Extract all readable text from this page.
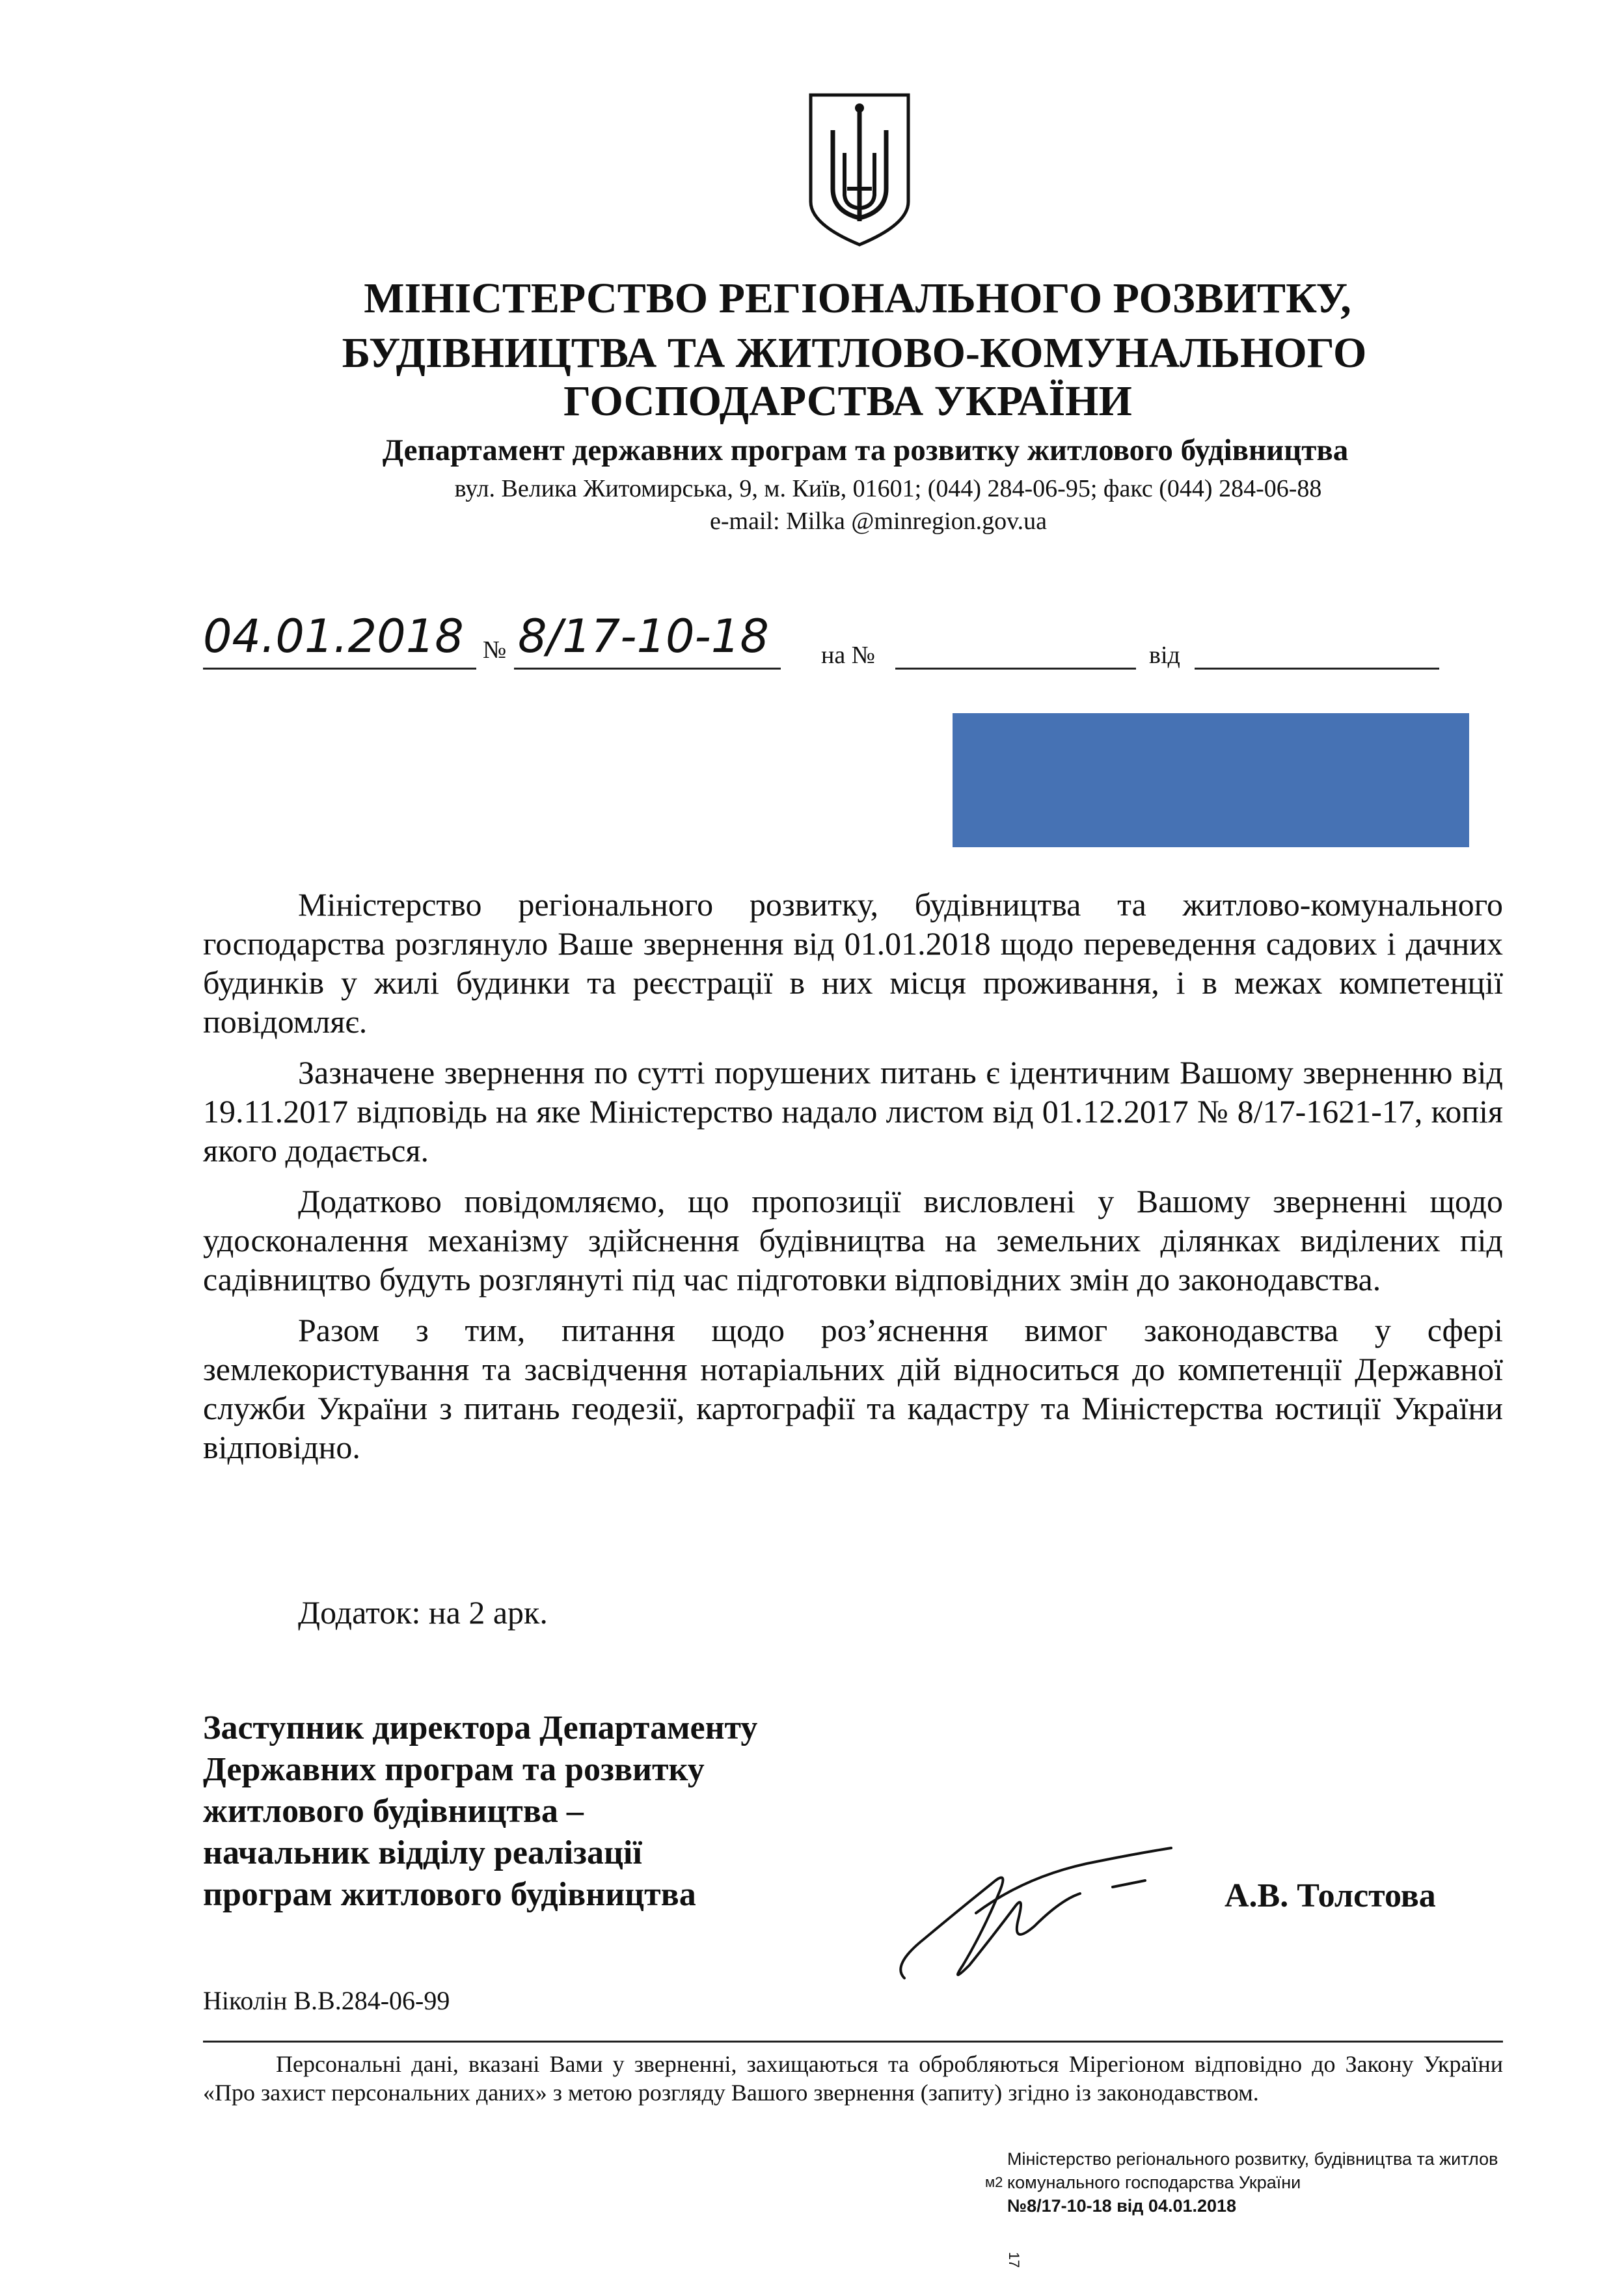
МІНІСТЕРСТВО РЕГІОНАЛЬНОГО РОЗВИТКУ,
БУДІВНИЦТВА ТА ЖИТЛОВО-КОМУНАЛЬНОГО
ГОСПОДАРСТВА УКРАЇНИ
Департамент державних програм та розвитку житлового будівництва
вул. Велика Житомирська, 9, м. Київ, 01601; (044) 284-06-95; факс (044) 284-06-88
e-mail: Milka @minregion.gov.ua
04.01.2018 № 8/17-10-18 на №	від

Міністерство регіонального розвитку, будівництва та житлово-комунального господарства розглянуло Ваше звернення від 01.01.2018 щодо переведення садових і дачних будинків у жилі будинки та реєстрації в них місця проживання, і в межах компетенції повідомляє.

Зазначене звернення по сутті порушених питань є ідентичним Вашому зверненню від 19.11.2017 відповідь на яке Міністерство надало листом від 01.12.2017 № 8/17-1621-17, копія якого додається.

Додатково повідомляємо, що пропозиції висловлені у Вашому зверненні щодо удосконалення механізму здійснення будівництва на земельних ділянках виділених під садівництво будуть розглянуті під час підготовки відповідних змін до законодавства.

Разом з тим, питання щодо роз’яснення вимог законодавства у сфері землекористування та засвідчення нотаріальних дій відноситься до компетенції Державної служби України з питань геодезії, картографії та кадастру та Міністерства юстиції України відповідно.

Додаток: на 2 арк.
Заступник директора Департаменту
Державних програм та розвитку
житлового будівництва –
начальник відділу реалізації
програм житлового будівництва	А.В. Толстова
Ніколін В.В.284-06-99
Персональні дані, вказані Вами у зверненні, захищаються та обробляються Мірегіоном відповідно до Закону України «Про захист персональних даних» з метою розгляду Вашого звернення (запиту) згідно із законодавством.
м2
Міністерство регіонального розвитку, будівництва та житлов
комунального господарства України
№8/17-10-18 від 04.01.2018
17
